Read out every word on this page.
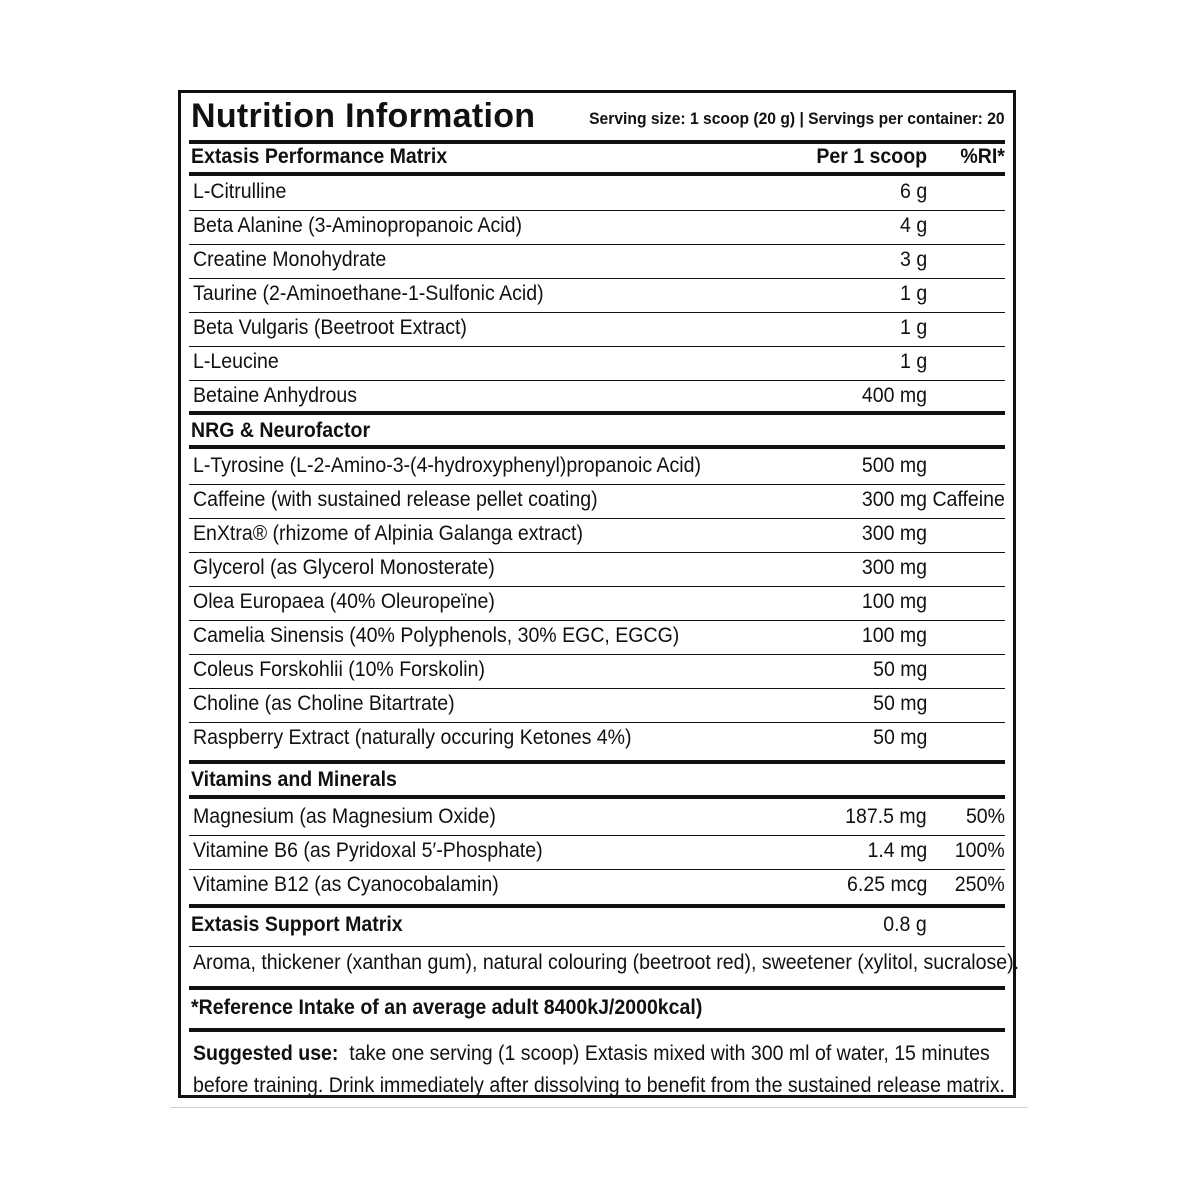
Nutrition Information	Serving size: 1 scoop (20 g) | Servings per container: 20
Extasis Performance Matrix	Per 1 scoop %RI*
L-Citrulline	6 g
Beta Alanine (3-Aminopropanoic Acid)	4 g
Creatine Monohydrate	3 g
Taurine (2-Aminoethane-1-Sulfonic Acid)	1 g
Beta Vulgaris (Beetroot Extract)	1 g
L-Leucine	1 g
Betaine Anhydrous	400 mg
NRG & Neurofactor
L-Tyrosine (L-2-Amino-3-(4-hydroxyphenyl)propanoic Acid)	500 mg
Caffeine (with sustained release pellet coating)	300 mg Caffeine
EnXtra® (rhizome of Alpinia Galanga extract)	300 mg
Glycerol (as Glycerol Monosterate)	300 mg
Olea Europaea (40% Oleuropeïne)	100 mg
Camelia Sinensis (40% Polyphenols, 30% EGC, EGCG)	100 mg
Coleus Forskohlii (10% Forskolin)	50 mg
Choline (as Choline Bitartrate)	50 mg
Raspberry Extract (naturally occuring Ketones 4%)	50 mg
Vitamins and Minerals
Magnesium (as Magnesium Oxide)	187.5 mg 50%
Vitamine B6 (as Pyridoxal 5′-Phosphate)	1.4 mg 100%
Vitamine B12 (as Cyanocobalamin)	6.25 mcg 250%
Extasis Support Matrix	0.8 g
Aroma, thickener (xanthan gum), natural colouring (beetroot red), sweetener (xylitol, sucralose).
*Reference Intake of an average adult 8400kJ/2000kcal)
Suggested use: take one serving (1 scoop) Extasis mixed with 300 ml of water, 15 minutes before training. Drink immediately after dissolving to benefit from the sustained release matrix.
